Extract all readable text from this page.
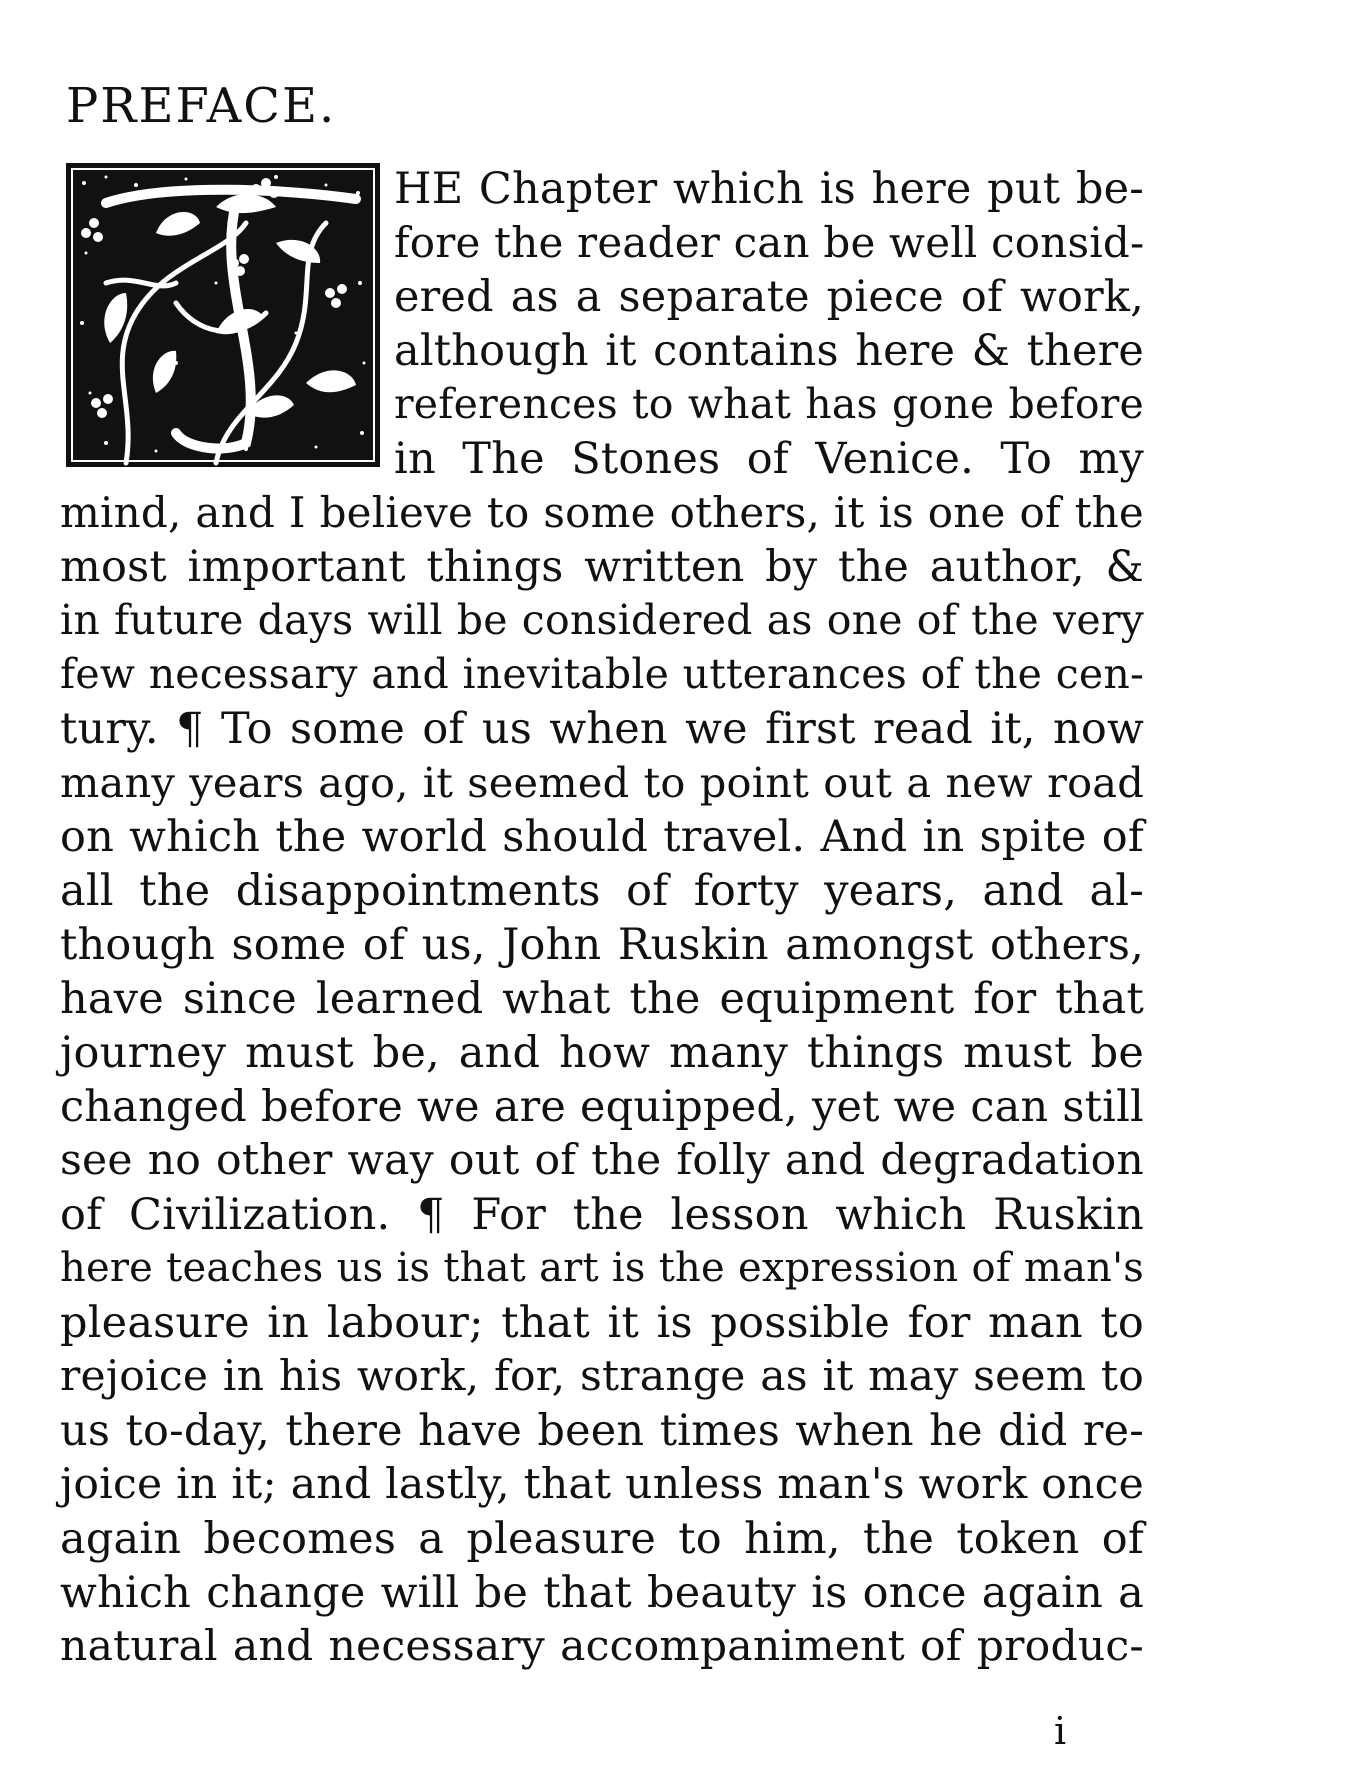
PREFACE.
HE Chapter which is here put be-
fore the reader can be well consid-
ered as a separate piece of work,
although it contains here & there
references to what has gone before
in The Stones of Venice. To my
mind, and I believe to some others, it is one of the
most important things written by the author, &
in future days will be considered as one of the very
few necessary and inevitable utterances of the cen-
tury. ¶ To some of us when we first read it, now
many years ago, it seemed to point out a new road
on which the world should travel. And in spite of
all the disappointments of forty years, and al-
though some of us, John Ruskin amongst others,
have since learned what the equipment for that
journey must be, and how many things must be
changed before we are equipped, yet we can still
see no other way out of the folly and degradation
of Civilization. ¶ For the lesson which Ruskin
here teaches us is that art is the expression of man's
pleasure in labour; that it is possible for man to
rejoice in his work, for, strange as it may seem to
us to-day, there have been times when he did re-
joice in it; and lastly, that unless man's work once
again becomes a pleasure to him, the token of
which change will be that beauty is once again a
natural and necessary accompaniment of produc-
i
